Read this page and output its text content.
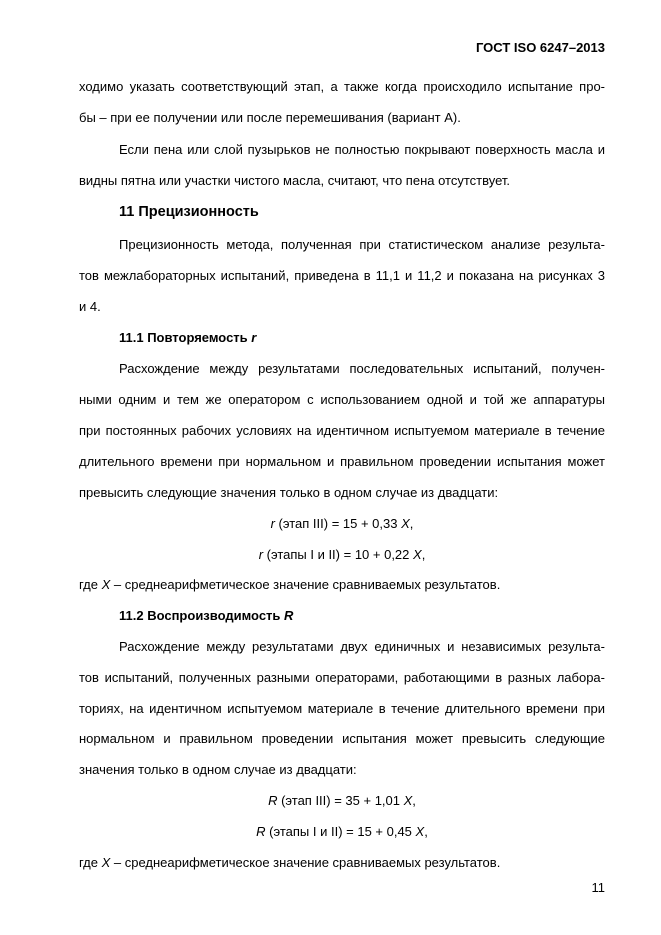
ГОСТ ISO 6247–2013
ходимо указать соответствующий этап, а также когда происходило испытание про-
бы – при ее получении или после перемешивания (вариант А).
Если пена или слой пузырьков не полностью покрывают поверхность масла и
видны пятна или участки чистого масла, считают, что пена отсутствует.
11 Прецизионность
Прецизионность метода, полученная при статистическом анализе результа-
тов межлабораторных испытаний, приведена в 11,1 и 11,2 и показана на рисунках 3
и 4.
11.1 Повторяемость r
Расхождение между результатами последовательных испытаний, получен-
ными одним и тем же оператором с использованием одной и той же аппаратуры
при постоянных рабочих условиях на идентичном испытуемом материале в течение
длительного времени при нормальном и правильном проведении испытания может
превысить следующие значения только в одном случае из двадцати:
r (этап III) = 15 + 0,33 X,
r (этапы I и II) = 10 + 0,22 X,
где X – среднеарифметическое значение сравниваемых результатов.
11.2 Воспроизводимость R
Расхождение между результатами двух единичных и независимых результа-
тов испытаний, полученных разными операторами, работающими в разных лабора-
ториях, на идентичном испытуемом материале в течение длительного времени при
нормальном и правильном проведении испытания может превысить следующие
значения только в одном случае из двадцати:
R (этап III) = 35 + 1,01 X,
R (этапы I и II) = 15 + 0,45 X,
где X – среднеарифметическое значение сравниваемых результатов.
11
